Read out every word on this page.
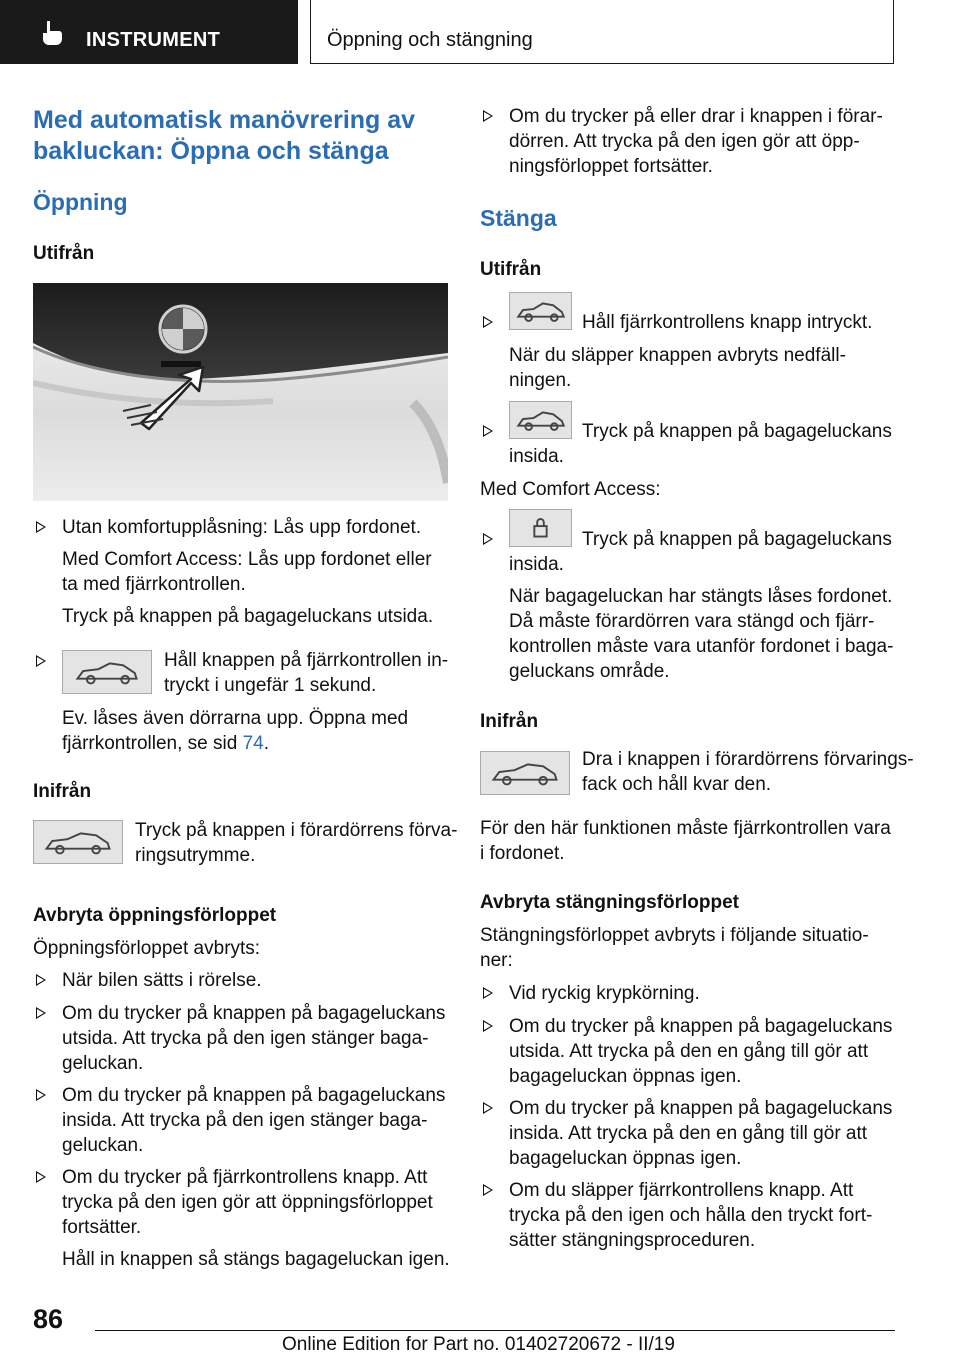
INSTRUMENT	Öppning och stängning
Med automatisk manövrering av
bakluckan: Öppna och stänga
Öppning
Utifrån
Utan komfortupplåsning: Lås upp fordonet.
Med Comfort Access: Lås upp fordonet eller
ta med fjärrkontrollen.
Tryck på knappen på bagageluckans utsida.
Håll knappen på fjärrkontrollen in-
tryckt i ungefär 1 sekund.
Ev. låses även dörrarna upp. Öppna med
fjärrkontrollen, se sid 74.
Inifrån
Tryck på knappen i förardörrens förva-
ringsutrymme.
Avbryta öppningsförloppet
Öppningsförloppet avbryts:
När bilen sätts i rörelse.
Om du trycker på knappen på bagageluckans
utsida. Att trycka på den igen stänger baga-
geluckan.
Om du trycker på knappen på bagageluckans
insida. Att trycka på den igen stänger baga-
geluckan.
Om du trycker på fjärrkontrollens knapp. Att
trycka på den igen gör att öppningsförloppet
fortsätter.
Håll in knappen så stängs bagageluckan igen.
Om du trycker på eller drar i knappen i förar-
dörren. Att trycka på den igen gör att öpp-
ningsförloppet fortsätter.
Stänga
Utifrån
Håll fjärrkontrollens knapp intryckt.
När du släpper knappen avbryts nedfäll-
ningen.
Tryck på knappen på bagageluckans
insida.
Med Comfort Access:
Tryck på knappen på bagageluckans
insida.
När bagageluckan har stängts låses fordonet.
Då måste förardörren vara stängd och fjärr-
kontrollen måste vara utanför fordonet i baga-
geluckans område.
Inifrån
Dra i knappen i förardörrens förvarings-
fack och håll kvar den.
För den här funktionen måste fjärrkontrollen vara
i fordonet.
Avbryta stängningsförloppet
Stängningsförloppet avbryts i följande situatio-
ner:
Vid ryckig krypkörning.
Om du trycker på knappen på bagageluckans
utsida. Att trycka på den en gång till gör att
bagageluckan öppnas igen.
Om du trycker på knappen på bagageluckans
insida. Att trycka på den en gång till gör att
bagageluckan öppnas igen.
Om du släpper fjärrkontrollens knapp. Att
trycka på den igen och hålla den tryckt fort-
sätter stängningsproceduren.
86
Online Edition for Part no. 01402720672 - II/19
